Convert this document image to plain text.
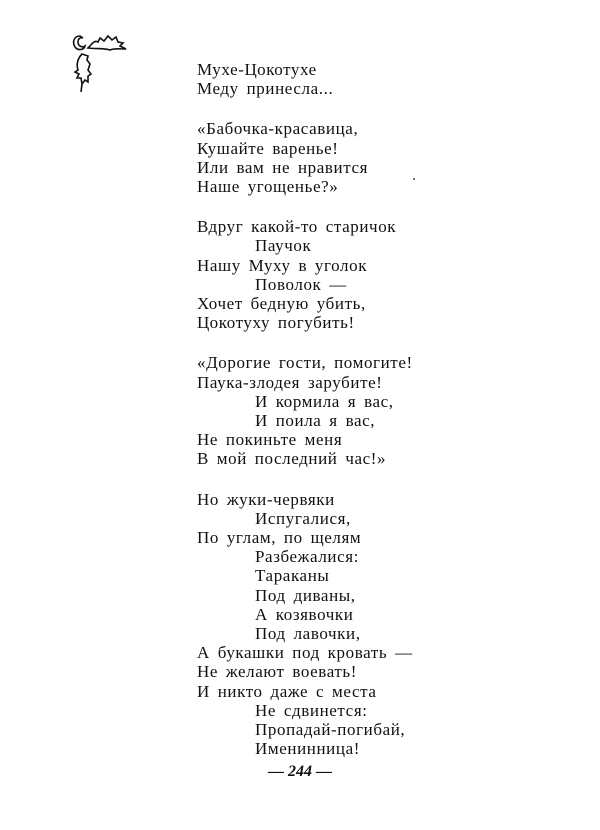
Мухе-Цокотухе
Меду принесла...
«Бабочка-красавица,
Кушайте варенье!
Или вам не нравится
Наше угощенье?»
Вдруг какой-то старичок
Паучок
Нашу Муху в уголок
Поволок —
Хочет бедную убить,
Цокотуху погубить!
«Дорогие гости, помогите!
Паука-злодея зарубите!
И кормила я вас,
И поила я вас,
Не покиньте меня
В мой последний час!»
Но жуки-червяки
Испугалися,
По углам, по щелям
Разбежалися:
Тараканы
Под диваны,
А козявочки
Под лавочки,
А букашки под кровать —
Не желают воевать!
И никто даже с места
Не сдвинется:
Пропадай-погибай,
Именинница!
— 244 —
